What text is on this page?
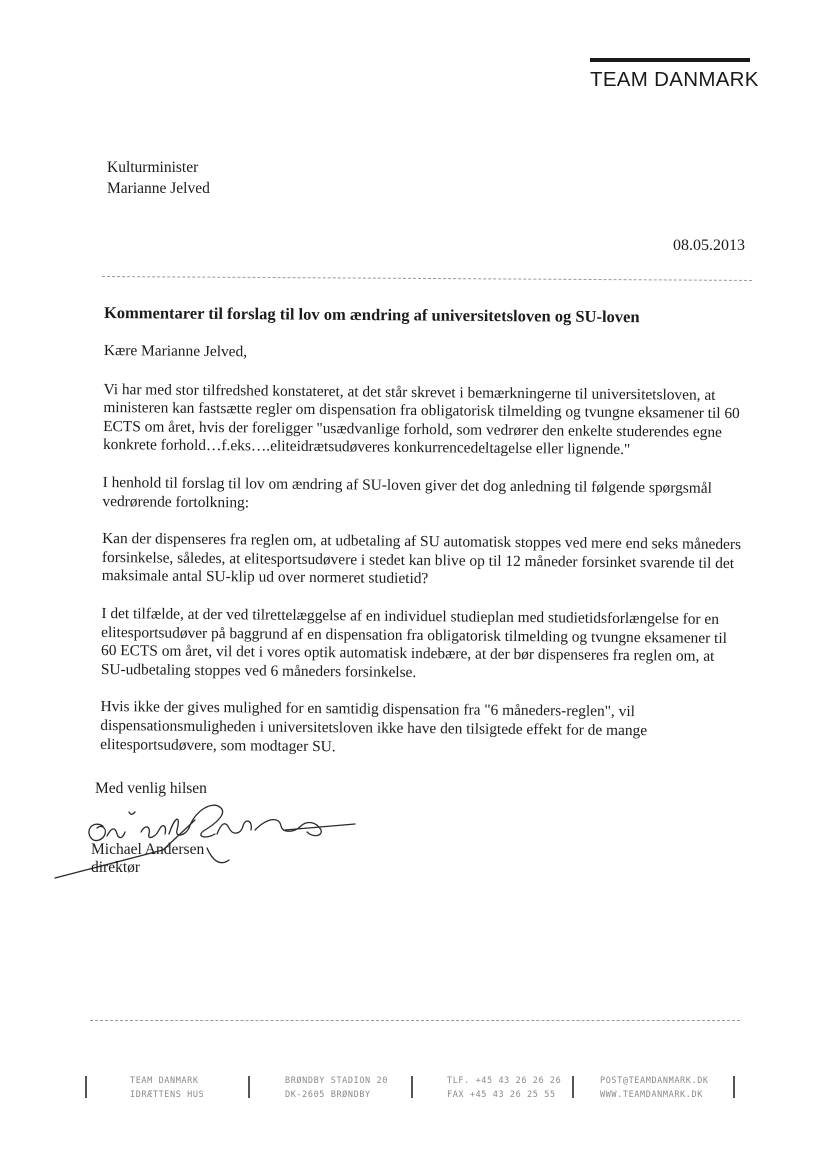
TEAM DANMARK
Kulturminister
Marianne Jelved
08.05.2013
Kommentarer til forslag til lov om ændring af universitetsloven og SU-loven

Kære Marianne Jelved,

Vi har med stor tilfredshed konstateret, at det står skrevet i bemærkningerne til universitetsloven, at ministeren kan fastsætte regler om dispensation fra obligatorisk tilmelding og tvungne eksamener til 60 ECTS om året, hvis der foreligger "usædvanlige forhold, som vedrører den enkelte studerendes egne konkrete forhold…f.eks….eliteidrætsudøveres konkurrencedeltagelse eller lignende."

I henhold til forslag til lov om ændring af SU-loven giver det dog anledning til følgende spørgsmål vedrørende fortolkning:

Kan der dispenseres fra reglen om, at udbetaling af SU automatisk stoppes ved mere end seks måneders forsinkelse, således, at elitesportsudøvere i stedet kan blive op til 12 måneder forsinket svarende til det maksimale antal SU-klip ud over normeret studietid?

I det tilfælde, at der ved tilrettelæggelse af en individuel studieplan med studietidsforlængelse for en elitesportsudøver på baggrund af en dispensation fra obligatorisk tilmelding og tvungne eksamener til 60 ECTS om året, vil det i vores optik automatisk indebære, at der bør dispenseres fra reglen om, at SU-udbetaling stoppes ved 6 måneders forsinkelse.

Hvis ikke der gives mulighed for en samtidig dispensation fra "6 måneders-reglen", vil dispensationsmuligheden i universitetsloven ikke have den tilsigtede effekt for de mange elitesportsudøvere, som modtager SU.

Med venlig hilsen
Michael Andersen
direktør
TEAM DANMARK
IDRÆTTENS HUS
BRØNDBY STADION 20
DK-2605 BRØNDBY
TLF. +45 43 26 26 26
FAX +45 43 26 25 55
POST@TEAMDANMARK.DK
WWW.TEAMDANMARK.DK
